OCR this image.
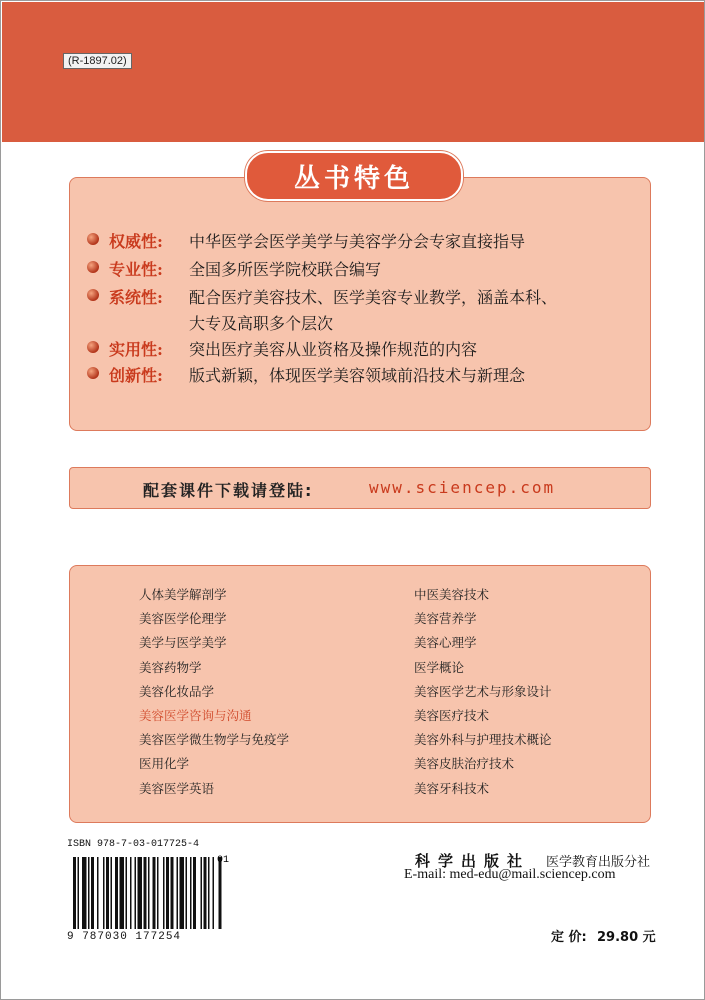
(R-1897.02)
丛书特色
权威性: 中华医学会医学美学与美容学分会专家直接指导
专业性: 全国多所医学院校联合编写
系统性: 配合医疗美容技术、医学美容专业教学，涵盖本科、
大专及高职多个层次
实用性: 突出医疗美容从业资格及操作规范的内容
创新性: 版式新颖，体现医学美容领域前沿技术与新理念
配套课件下载请登陆:	www.sciencep.com
人体美学解剖学
美容医学伦理学
美学与医学美学
美容药物学
美容化妆品学
美容医学咨询与沟通
美容医学微生物学与免疫学
医用化学
美容医学英语
中医美容技术
美容营养学
美容心理学
医学概论
美容医学艺术与形象设计
美容医疗技术
美容外科与护理技术概论
美容皮肤治疗技术
美容牙科技术
ISBN 978-7-03-017725-4
01
9 787030 177254
科学出版社 医学教育出版分社
E-mail: med-edu@mail.sciencep.com
定 价: 29.80 元
